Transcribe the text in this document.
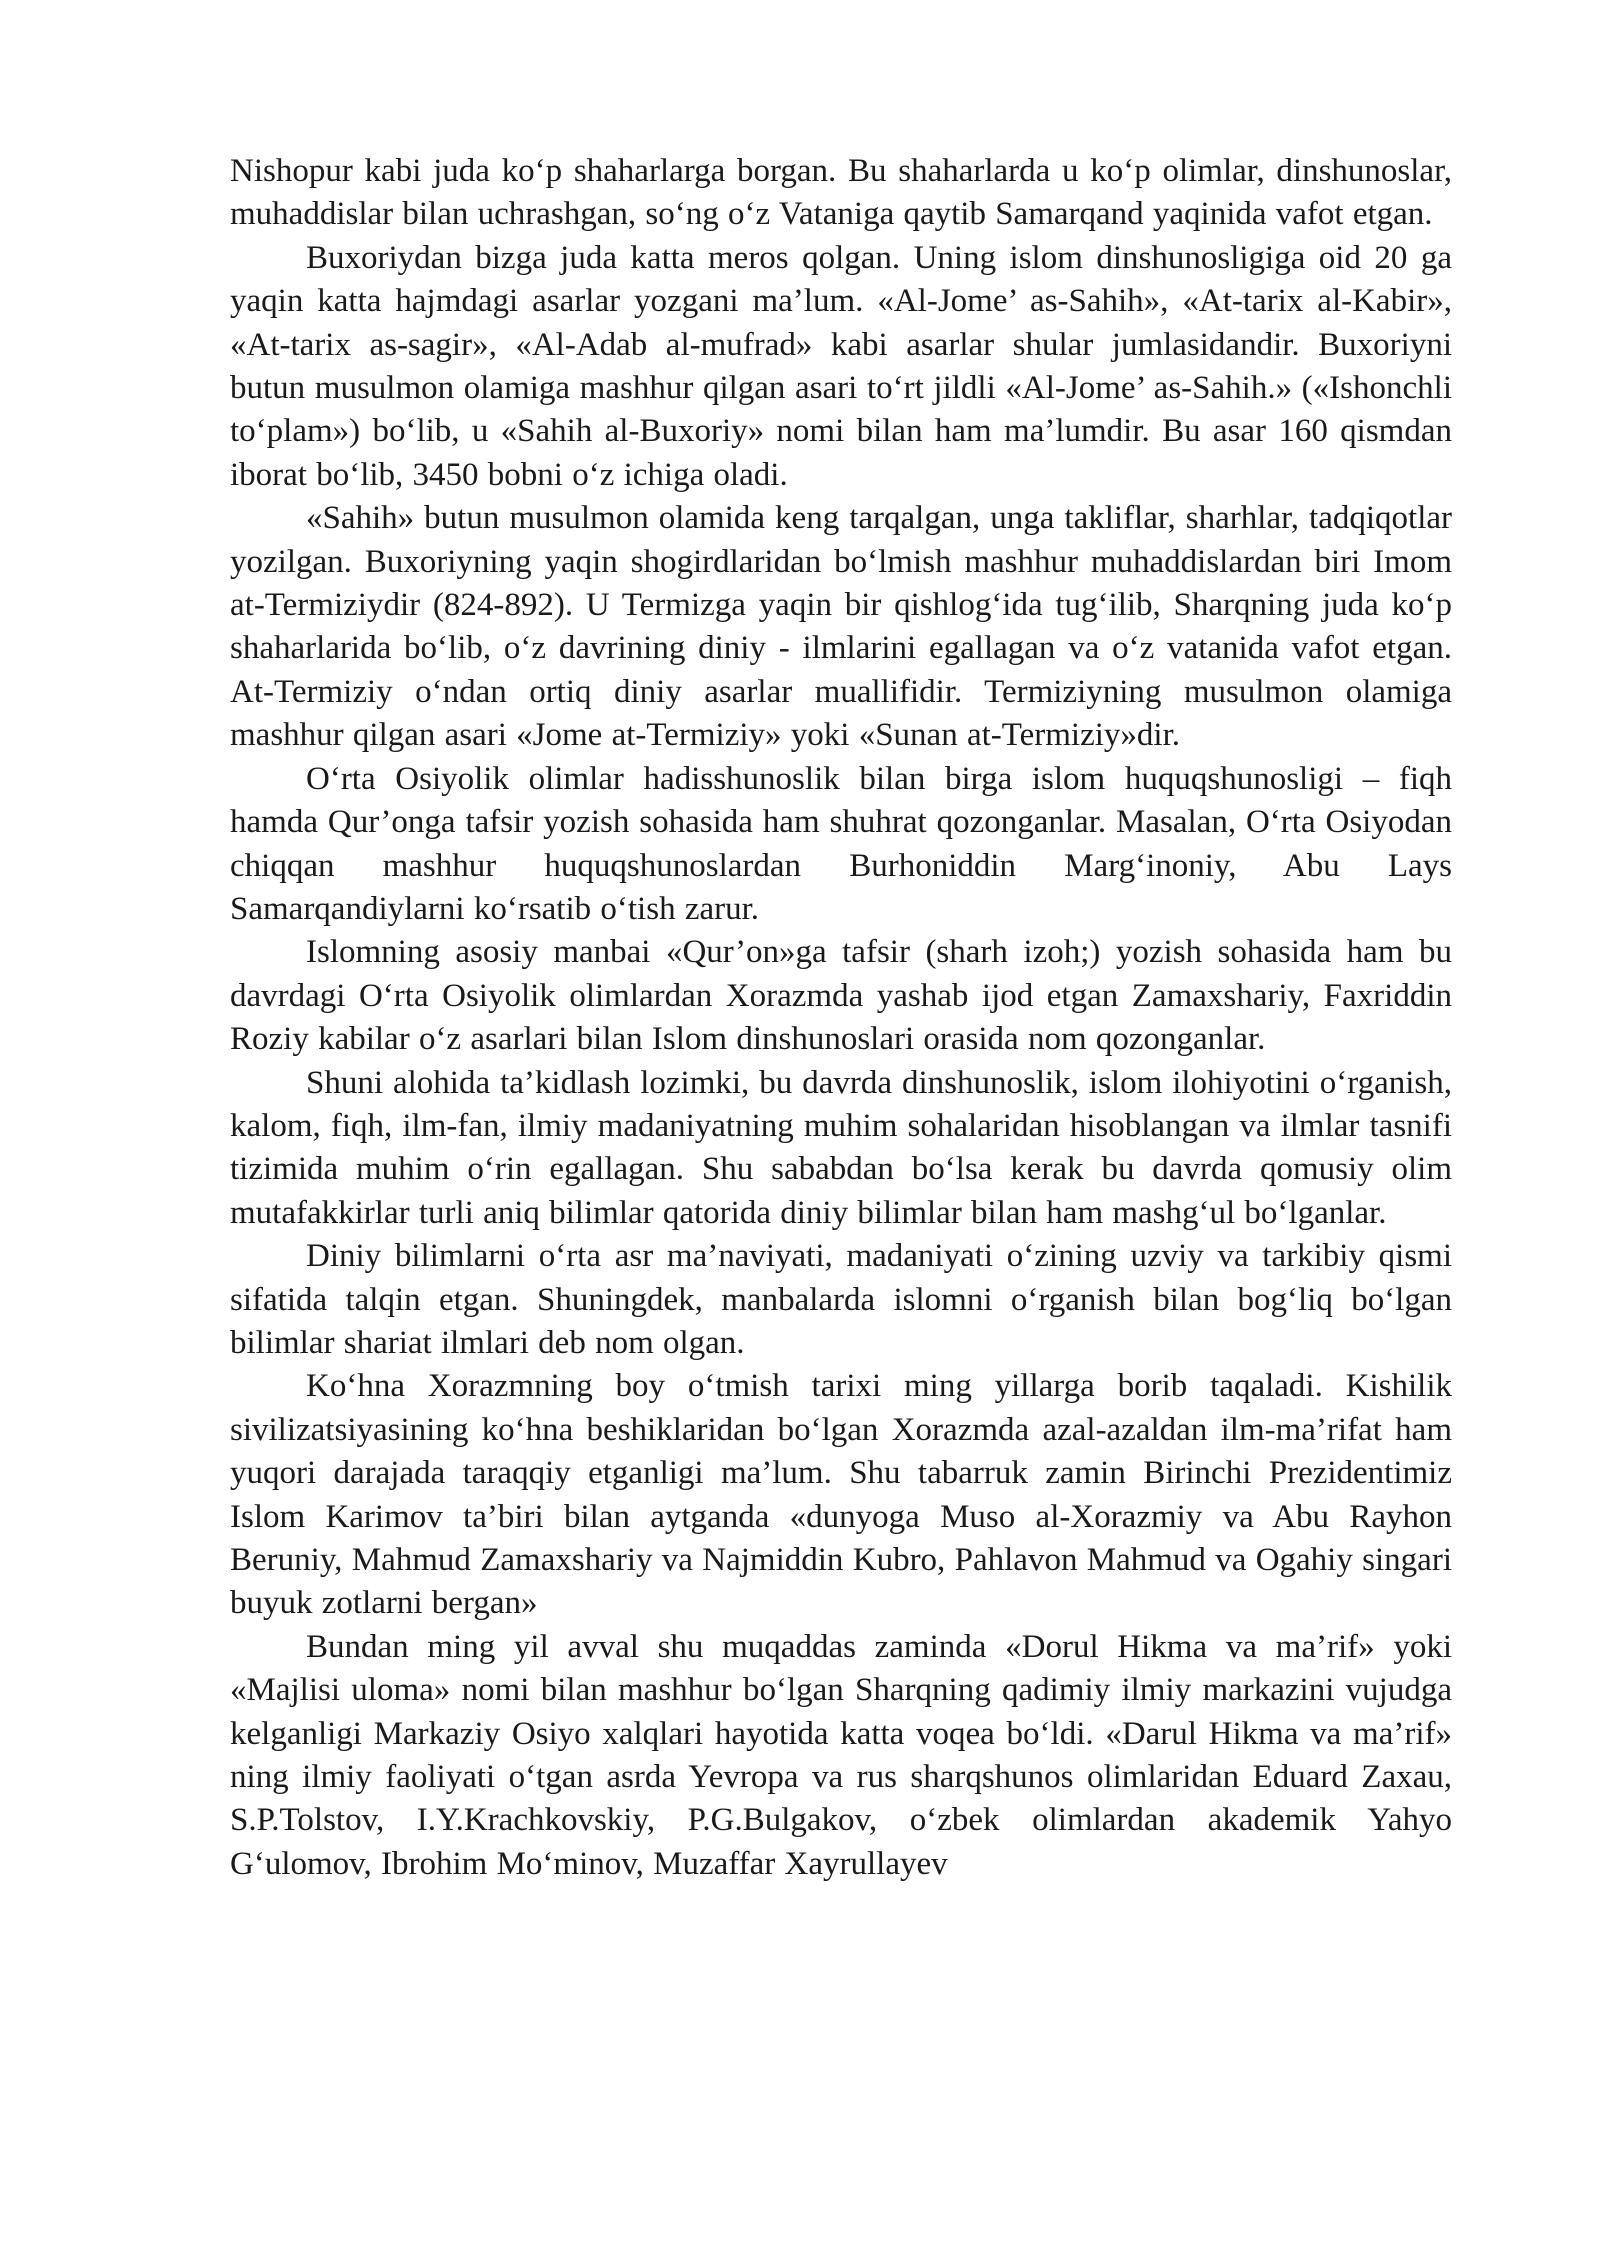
Nishopur kabi juda ko‘p shaharlarga borgan. Bu shaharlarda u ko‘p olimlar, dinshunoslar, muhaddislar bilan uchrashgan, so‘ng o‘z Vataniga qaytib Samarqand yaqinida vafot etgan.

Buxoriydan bizga juda katta meros qolgan. Uning islom dinshunosligiga oid 20 ga yaqin katta hajmdagi asarlar yozgani ma’lum. «Al-Jome’ as-Sahih», «At-tarix al-Kabir», «At-tarix as-sagir», «Al-Adab al-mufrad» kabi asarlar shular jumlasidandir. Buxoriyni butun musulmon olamiga mashhur qilgan asari to‘rt jildli «Al-Jome’ as-Sahih.» («Ishonchli to‘plam») bo‘lib, u «Sahih al-Buxoriy» nomi bilan ham ma’lumdir. Bu asar 160 qismdan iborat bo‘lib, 3450 bobni o‘z ichiga oladi.

«Sahih» butun musulmon olamida keng tarqalgan, unga takliflar, sharhlar, tadqiqotlar yozilgan. Buxoriyning yaqin shogirdlaridan bo‘lmish mashhur muhaddislardan biri Imom at-Termiziydir (824-892). U Termizga yaqin bir qishlog‘ida tug‘ilib, Sharqning juda ko‘p shaharlarida bo‘lib, o‘z davrining diniy - ilmlarini egallagan va o‘z vatanida vafot etgan. At-Termiziy o‘ndan ortiq diniy asarlar muallifidir. Termiziyning musulmon olamiga mashhur qilgan asari «Jome at-Termiziy» yoki «Sunan at-Termiziy»dir.

O‘rta Osiyolik olimlar hadisshunoslik bilan birga islom huquqshunosligi – fiqh hamda Qur’onga tafsir yozish sohasida ham shuhrat qozonganlar. Masalan, O‘rta Osiyodan chiqqan mashhur huquqshunoslardan Burhoniddin Marg‘inoniy, Abu Lays Samarqandiylarni ko‘rsatib o‘tish zarur.

Islomning asosiy manbai «Qur’on»ga tafsir (sharh izoh;) yozish sohasida ham bu davrdagi O‘rta Osiyolik olimlardan Xorazmda yashab ijod etgan Zamaxshariy, Faxriddin Roziy kabilar o‘z asarlari bilan Islom dinshunoslari orasida nom qozonganlar.

Shuni alohida ta’kidlash lozimki, bu davrda dinshunoslik, islom ilohiyotini o‘rganish, kalom, fiqh, ilm-fan, ilmiy madaniyatning muhim sohalaridan hisoblangan va ilmlar tasnifi tizimida muhim o‘rin egallagan. Shu sababdan bo‘lsa kerak bu davrda qomusiy olim mutafakkirlar turli aniq bilimlar qatorida diniy bilimlar bilan ham mashg‘ul bo‘lganlar.

Diniy bilimlarni o‘rta asr ma’naviyati, madaniyati o‘zining uzviy va tarkibiy qismi sifatida talqin etgan. Shuningdek, manbalarda islomni o‘rganish bilan bog‘liq bo‘lgan bilimlar shariat ilmlari deb nom olgan.

Ko‘hna Xorazmning boy o‘tmish tarixi ming yillarga borib taqaladi. Kishilik sivilizatsiyasining ko‘hna beshiklaridan bo‘lgan Xorazmda azal-azaldan ilm-ma’rifat ham yuqori darajada taraqqiy etganligi ma’lum. Shu tabarruk zamin Birinchi Prezidentimiz Islom Karimov ta’biri bilan aytganda «dunyoga Muso al-Xorazmiy va Abu Rayhon Beruniy, Mahmud Zamaxshariy va Najmiddin Kubro, Pahlavon Mahmud va Ogahiy singari buyuk zotlarni bergan»

Bundan ming yil avval shu muqaddas zaminda «Dorul Hikma va ma’rif» yoki «Majlisi uloma» nomi bilan mashhur bo‘lgan Sharqning qadimiy ilmiy markazini vujudga kelganligi Markaziy Osiyo xalqlari hayotida katta voqea bo‘ldi. «Darul Hikma va ma’rif» ning ilmiy faoliyati o‘tgan asrda Yevropa va rus sharqshunos olimlaridan Eduard Zaxau, S.P.Tolstov, I.Y.Krachkovskiy, P.G.Bulgakov, o‘zbek olimlardan akademik Yahyo G‘ulomov, Ibrohim Mo‘minov, Muzaffar Xayrullayev
